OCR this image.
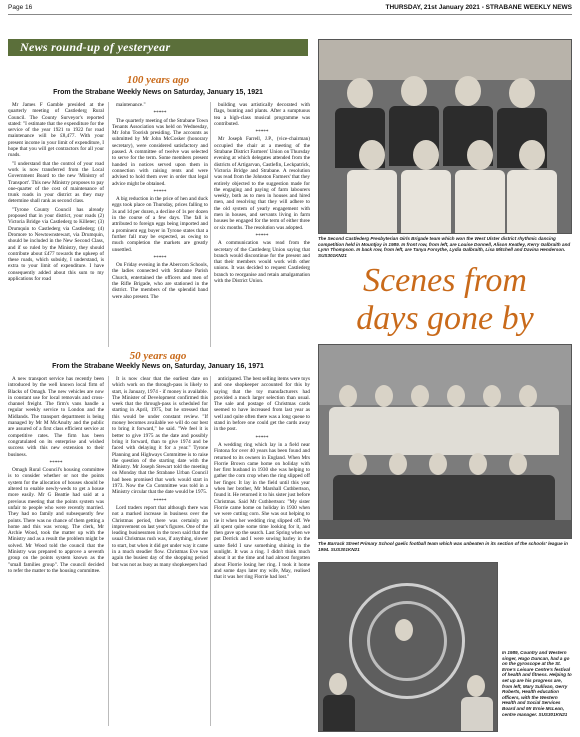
Page 16	THURSDAY, 21st January 2021 - STRABANE WEEKLY NEWS
News round-up of yesteryear
100 years ago
From the Strabane Weekly News on Saturday, January 15, 1921

Mr James F Gamble presided at the quarterly meeting of Castlederg Rural Council. The County Surveyor's reported stated: "I estimate that the expenditure for the service of the year 1921 to 1922 for road maintenance will be £8,477. With your present income in your limit of expenditure, I hope that you will get contractors for all your roads.

"I understand that the control of your road work is now transferred from the Local Government Board to the new 'Ministry of Transport'. This new Ministry proposes to pay one-quarter of the cost of maintenance of trunk roads in your district as they may determine shall rank as second class.

"Tyrone County Council has already proposed that in your district, your roads (2) Victoria Bridge via Castlederg to Killeter; (3) Drumquin to Castlederg via Castlederg; (4) Dromore to Newtownstewart, via Drumquin, should be included in the New Second Class, and if so ruled by the Ministry, they should contribute about £477 towards the upkeep of these roads, which subsidy, I understand, is extra to your limit of expenditure. I have consequently added about this sum to my applications for road

maintenance."

*****

The quarterly meeting of the Strabane Town Tenants Association was held on Wednesday, Mr John Toorish presiding. The accounts as submitted by Mr John McCosker (honorary secretary), were considered satisfactory and passed. A committee of twelve was selected to serve for the term. Some members present handed in notices served upon them in connection with raising rents and were advised to hold them over in order that legal advice might be obtained.

*****

A big reduction in the price of hen and duck eggs took place on Thursday, prices falling to 3s and 1d per dozen, a decline of 1s per dozen in the course of a few days. The fall is attributed to foreign eggs being imported and a prominent egg buyer in Tyrone states that a further fall may be expected, as owing to much completion the markets are greatly unsettled.

*****

On Friday evening in the Abercorn Schools, the ladies connected with Strabane Parish Church, entertained the officers and men of the Rifle Brigade, who are stationed in the district. The members of the splendid band were also present. The

building was artistically decorated with flags, bunting and plants. After a sumptuous tea a high-class musical programme was contributed.

*****

Mr Joseph Farrell, J.P., (vice-chairman) occupied the chair at a meeting of the Strabane District Farmers' Union on Thursday evening at which delegates attended from the districts of Artigarvan, Castlefin, Leckpatrick, Victoria Bridge and Strabane. A resolution was read from the Johnston Farmers' that they entirely objected to the suggestion made for the engaging and paying of farm labourers weekly, both as to men in houses and hired men, and resolving that they will adhere to the old system of yearly engagement with men in houses, and servants living in farm houses be engaged for the term of either three or six months. The resolution was adopted.

*****

A communication was read from the secretary of the Castlederg Union saying that branch would discontinue for the present and that their members would work with other unions. It was decided to request Castlederg branch to reorganise and retain amalgamation with the District Union.

The Second Castlederg Presbyterian Girls Brigade team which won the West Ulster district rhythmic dancing competition held in Mountjoy in 1989. In front row, from left, are Louise Donnell, Alison Keatley, Kerry Galbraith and Lynn Thompson. In back row, from left, are Tanya Forsythe, Lydia Galbraith, Lisa Mitchell and Davina Henderson. SUS301KN21
Scenes from
days gone by
50 years ago
From the Strabane Weekly News on, Saturday, January 16, 1971

A new transport service has recently been introduced by the well known local firm of Blacks of Omagh. The new vehicles are now in constant use for local removals and cross-channel freight. The firm's vans handle a regular weekly service to London and the Midlands. The transport department is being managed by Mr M McAnulty and the public are assured of a first class efficient service at competitive rates. The firm has been congratulated on its enterprise and wished success with this new extension to their business.

*****

Omagh Rural Council's housing committee is to consider whether or not the points system for the allocation of houses should be altered to enable newly-weds to get a house more easily. Mr G Beattie had said at a previous meeting that the points system was unfair to people who were recently married. They had no family and subsequently few points. There was no chance of them getting a home and this was wrong. The clerk, Mr Archie Wood, took the matter up with the Ministry and as a result the problem might be solved. Mr Wood told the council that the Ministry was prepared to approve a seventh group on the points system known as the "small families group". The council decided to refer the matter to the housing committee.

It is now clear that the earliest date on which work on the through-pass is likely to start, is January, 1974 - if money is available. The Minister of Development confirmed this week that the through-pass is scheduled for starting in April, 1975, but he stressed that this would be under constant review. "If money becomes available we will do our best to bring it forward," he said. "We feel it is better to give 1975 as the date and possibly bring it forward, than to give 1974 and be faced with delaying it for a year." Tyrone Planning and Highways Committee is to raise the question of the starting date with the Ministry. Mr Joseph Stewart told the meeting on Monday that the Strabane Urban Council had been promised that work would start in 1973. Now the Co Committee was told in a Ministry circular that the date would be 1975.

*****

Lord traders report that although there was not a marked increase in business over the Christmas period, there was certainly an improvement on last year's figures. One of the leading businessmen in the town said that the usual Christmas rush was, if anything, slower to start, but when it did get under way it came in a much steadier flow. Christmas Eve was again the busiest day of the shopping period but was not as busy as many shopkeepers had

anticipated. The best selling items were toys and one shopkeeper accounted for this by saying that the toy manufacturers had provided a much larger selection than usual. The sale and postage of Christmas cards seemed to have increased from last year as well and quite often there was a long queue to stand in before one could get the cards away in the post.

*****

A wedding ring which lay in a field near Fintona for over 40 years has been found and returned to its owners in England. When Mrs Florrie Brown came home on holiday with her first husband in 1930 she was helping to gather the corn crop when the ring slipped off her finger. It lay in the field until this year when her brother, Mr Marshall Cuthbertson, found it. He returned it to his sister just before Christmas. Said Mr Cuthbertson: "My sister Florrie came home on holiday in 1930 when we were cutting corn. She was out helping to tie it when her wedding ring slipped off. We all spent quite some time looking for it, and then gave up the search. Last Spring when we put Derrick and I were sowing barley in the same field I saw something shining in the sunlight. It was a ring. I didn't think much about it at the time and had almost forgotten about Florrie losing her ring. I took it home and some days later my wife, May, realised that it was her ring Florrie had lost."

The Barrack Street Primary School gaelic football team which was unbeaten in its section of the schools' league in 1994. SUS301KN21
In 1989, Country and Western singer, Hugo Duncan, had a go on the gyroscope at the St. Erne's Leisure Centre's festival of health and fitness. Helping to set up are his progress are, from left, Mary Sullivan, Gerry Roberts, Health education officers, with the Western Health and Social Services Board and Mr Ernie McLean, centre manager. SUS301KN21
